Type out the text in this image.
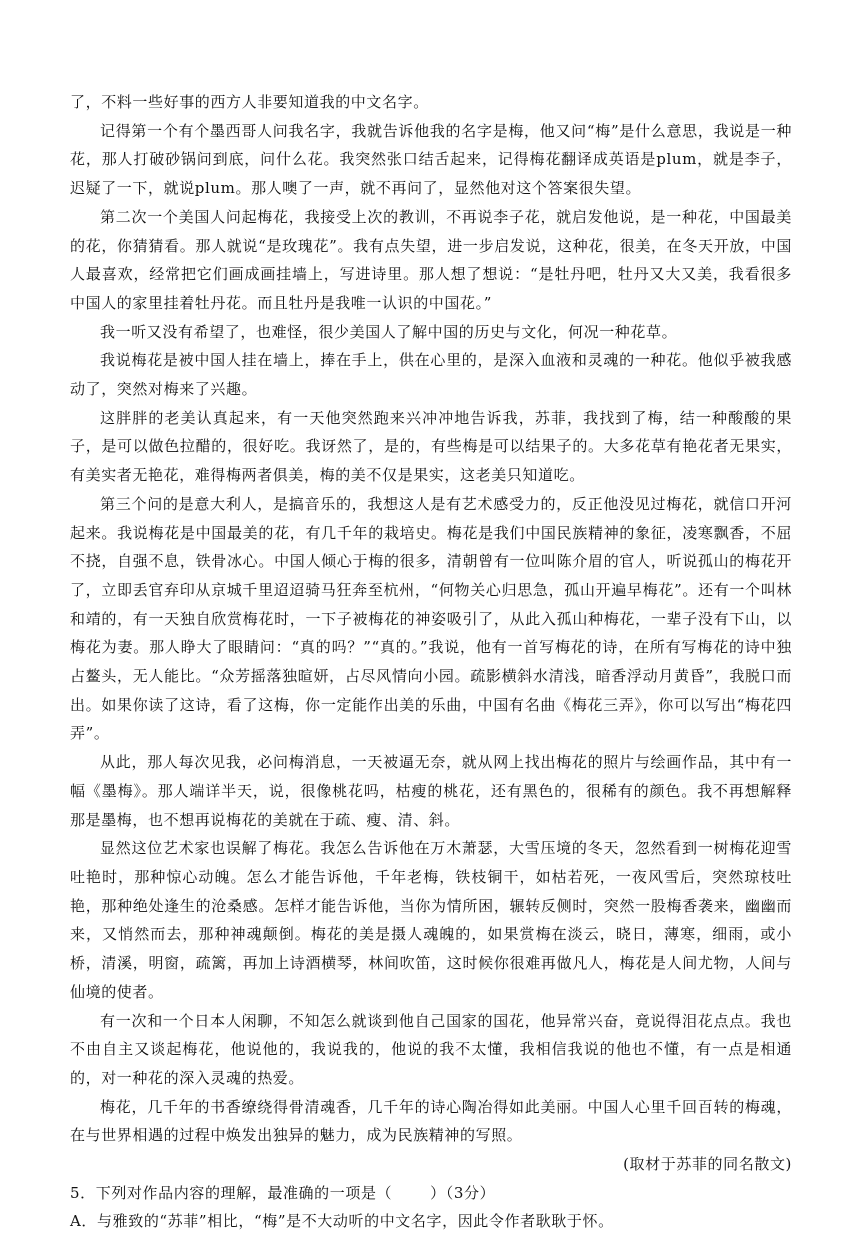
了，不料一些好事的西方人非要知道我的中文名字。

记得第一个有个墨西哥人问我名字，我就告诉他我的名字是梅，他又问“梅”是什么意思，我说是一种花，那人打破砂锅问到底，问什么花。我突然张口结舌起来，记得梅花翻译成英语是plum，就是李子，迟疑了一下，就说plum。那人噢了一声，就不再问了，显然他对这个答案很失望。

第二次一个美国人问起梅花，我接受上次的教训，不再说李子花，就启发他说，是一种花，中国最美的花，你猜猜看。那人就说“是玫瑰花”。我有点失望，进一步启发说，这种花，很美，在冬天开放，中国人最喜欢，经常把它们画成画挂墙上，写进诗里。那人想了想说：“是牡丹吧，牡丹又大又美，我看很多中国人的家里挂着牡丹花。而且牡丹是我唯一认识的中国花。”

我一听又没有希望了，也难怪，很少美国人了解中国的历史与文化，何况一种花草。

我说梅花是被中国人挂在墙上，捧在手上，供在心里的，是深入血液和灵魂的一种花。他似乎被我感动了，突然对梅来了兴趣。

这胖胖的老美认真起来，有一天他突然跑来兴冲冲地告诉我，苏菲，我找到了梅，结一种酸酸的果子，是可以做色拉醋的，很好吃。我讶然了，是的，有些梅是可以结果子的。大多花草有艳花者无果实，有美实者无艳花，难得梅两者俱美，梅的美不仅是果实，这老美只知道吃。

第三个问的是意大利人，是搞音乐的，我想这人是有艺术感受力的，反正他没见过梅花，就信口开河起来。我说梅花是中国最美的花，有几千年的栽培史。梅花是我们中国民族精神的象征，凌寒飘香，不屈不挠，自强不息，铁骨冰心。中国人倾心于梅的很多，清朝曾有一位叫陈介眉的官人，听说孤山的梅花开了，立即丢官弃印从京城千里迢迢骑马狂奔至杭州，“何物关心归思急，孤山开遍早梅花”。还有一个叫林和靖的，有一天独自欣赏梅花时，一下子被梅花的神姿吸引了，从此入孤山种梅花，一辈子没有下山，以梅花为妻。那人睁大了眼睛问：“真的吗？”“真的。”我说，他有一首写梅花的诗，在所有写梅花的诗中独占鳌头，无人能比。“众芳摇落独暄妍，占尽风情向小园。疏影横斜水清浅，暗香浮动月黄昏”，我脱口而出。如果你读了这诗，看了这梅，你一定能作出美的乐曲，中国有名曲《梅花三弄》，你可以写出“梅花四弄”。

从此，那人每次见我，必问梅消息，一天被逼无奈，就从网上找出梅花的照片与绘画作品，其中有一幅《墨梅》。那人端详半天，说，很像桃花吗，枯瘦的桃花，还有黑色的，很稀有的颜色。我不再想解释那是墨梅，也不想再说梅花的美就在于疏、瘦、清、斜。

显然这位艺术家也误解了梅花。我怎么告诉他在万木萧瑟，大雪压境的冬天，忽然看到一树梅花迎雪吐艳时，那种惊心动魄。怎么才能告诉他，千年老梅，铁枝铜干，如枯若死，一夜风雪后，突然琼枝吐艳，那种绝处逢生的沧桑感。怎样才能告诉他，当你为情所困，辗转反侧时，突然一股梅香袭来，幽幽而来，又悄然而去，那种神魂颠倒。梅花的美是摄人魂魄的，如果赏梅在淡云，晓日，薄寒，细雨，或小桥，清溪，明窗，疏篱，再加上诗酒横琴，林间吹笛，这时候你很难再做凡人，梅花是人间尤物，人间与仙境的使者。

有一次和一个日本人闲聊，不知怎么就谈到他自己国家的国花，他异常兴奋，竟说得泪花点点。我也不由自主又谈起梅花，他说他的，我说我的，他说的我不太懂，我相信我说的他也不懂，有一点是相通的，对一种花的深入灵魂的热爱。

梅花，几千年的书香缭绕得骨清魂香，几千年的诗心陶冶得如此美丽。中国人心里千回百转的梅魂，在与世界相遇的过程中焕发出独异的魅力，成为民族精神的写照。

(取材于苏菲的同名散文)

5．下列对作品内容的理解，最准确的一项是（	）（3分）

A．与雅致的“苏菲”相比，“梅”是不大动听的中文名字，因此令作者耿耿于怀。
